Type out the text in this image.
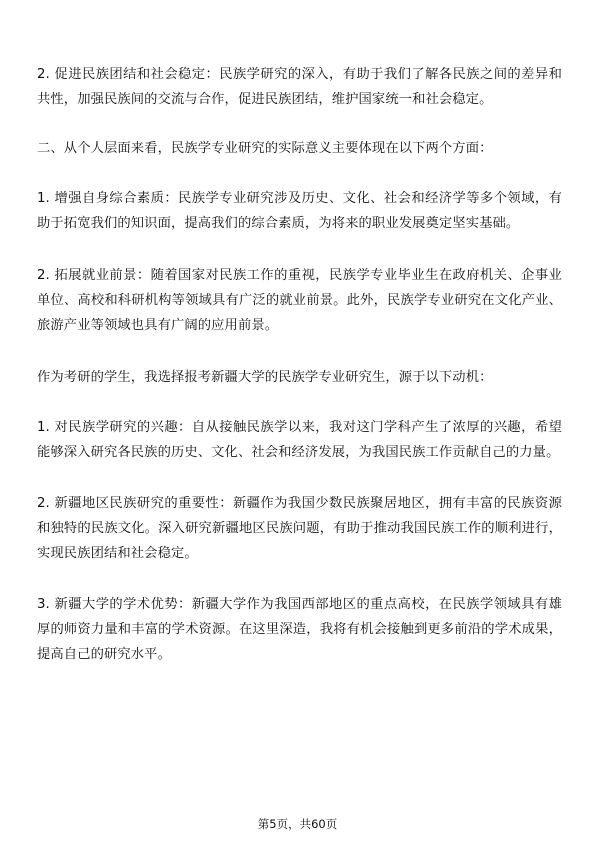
2. 促进民族团结和社会稳定：民族学研究的深入，有助于我们了解各民族之间的差异和共性，加强民族间的交流与合作，促进民族团结，维护国家统一和社会稳定。

二、从个人层面来看，民族学专业研究的实际意义主要体现在以下两个方面：

1. 增强自身综合素质：民族学专业研究涉及历史、文化、社会和经济学等多个领域，有助于拓宽我们的知识面，提高我们的综合素质，为将来的职业发展奠定坚实基础。

2. 拓展就业前景：随着国家对民族工作的重视，民族学专业毕业生在政府机关、企事业单位、高校和科研机构等领域具有广泛的就业前景。此外，民族学专业研究在文化产业、旅游产业等领域也具有广阔的应用前景。

作为考研的学生，我选择报考新疆大学的民族学专业研究生，源于以下动机：

1. 对民族学研究的兴趣：自从接触民族学以来，我对这门学科产生了浓厚的兴趣，希望能够深入研究各民族的历史、文化、社会和经济发展，为我国民族工作贡献自己的力量。

2. 新疆地区民族研究的重要性：新疆作为我国少数民族聚居地区，拥有丰富的民族资源和独特的民族文化。深入研究新疆地区民族问题，有助于推动我国民族工作的顺利进行，实现民族团结和社会稳定。

3. 新疆大学的学术优势：新疆大学作为我国西部地区的重点高校，在民族学领域具有雄厚的师资力量和丰富的学术资源。在这里深造，我将有机会接触到更多前沿的学术成果，提高自己的研究水平。

第5页，共60页
